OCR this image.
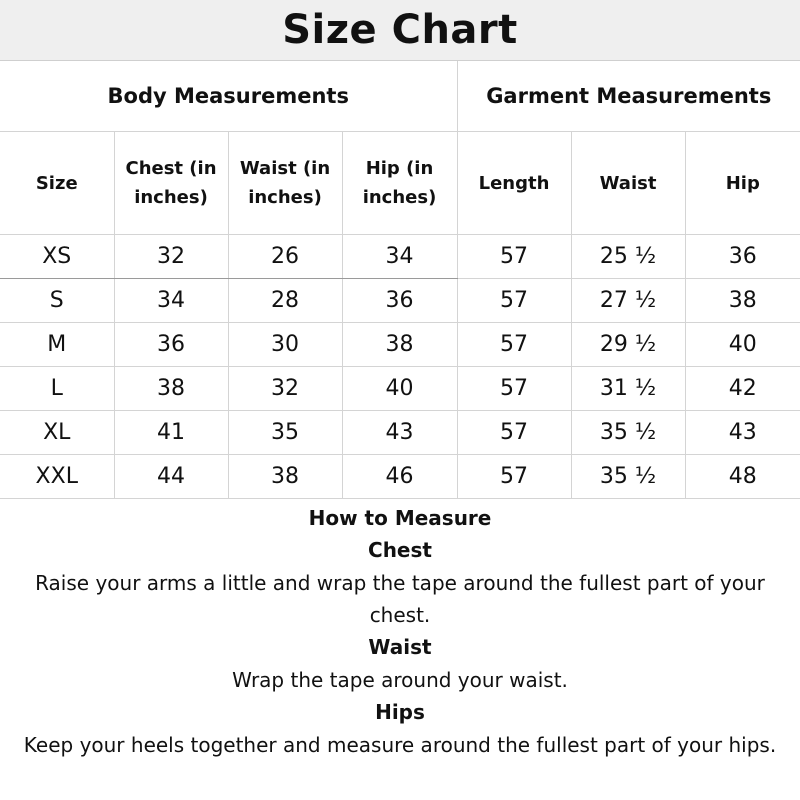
Size Chart
Body Measurements				Garment Measurements		
Size	Chest (in inches)	Waist (in inches)	Hip (in inches)	Length	Waist	Hip
XS	32	26	34	57	25 ½	36
S	34	28	36	57	27 ½	38
M	36	30	38	57	29 ½	40
L	38	32	40	57	31 ½	42
XL	41	35	43	57	35 ½	43
XXL	44	38	46	57	35 ½	48
How to Measure
Chest

Raise your arms a little and wrap the tape around the fullest part of your chest.

Waist

Wrap the tape around your waist.

Hips

Keep your heels together and measure around the fullest part of your hips.
